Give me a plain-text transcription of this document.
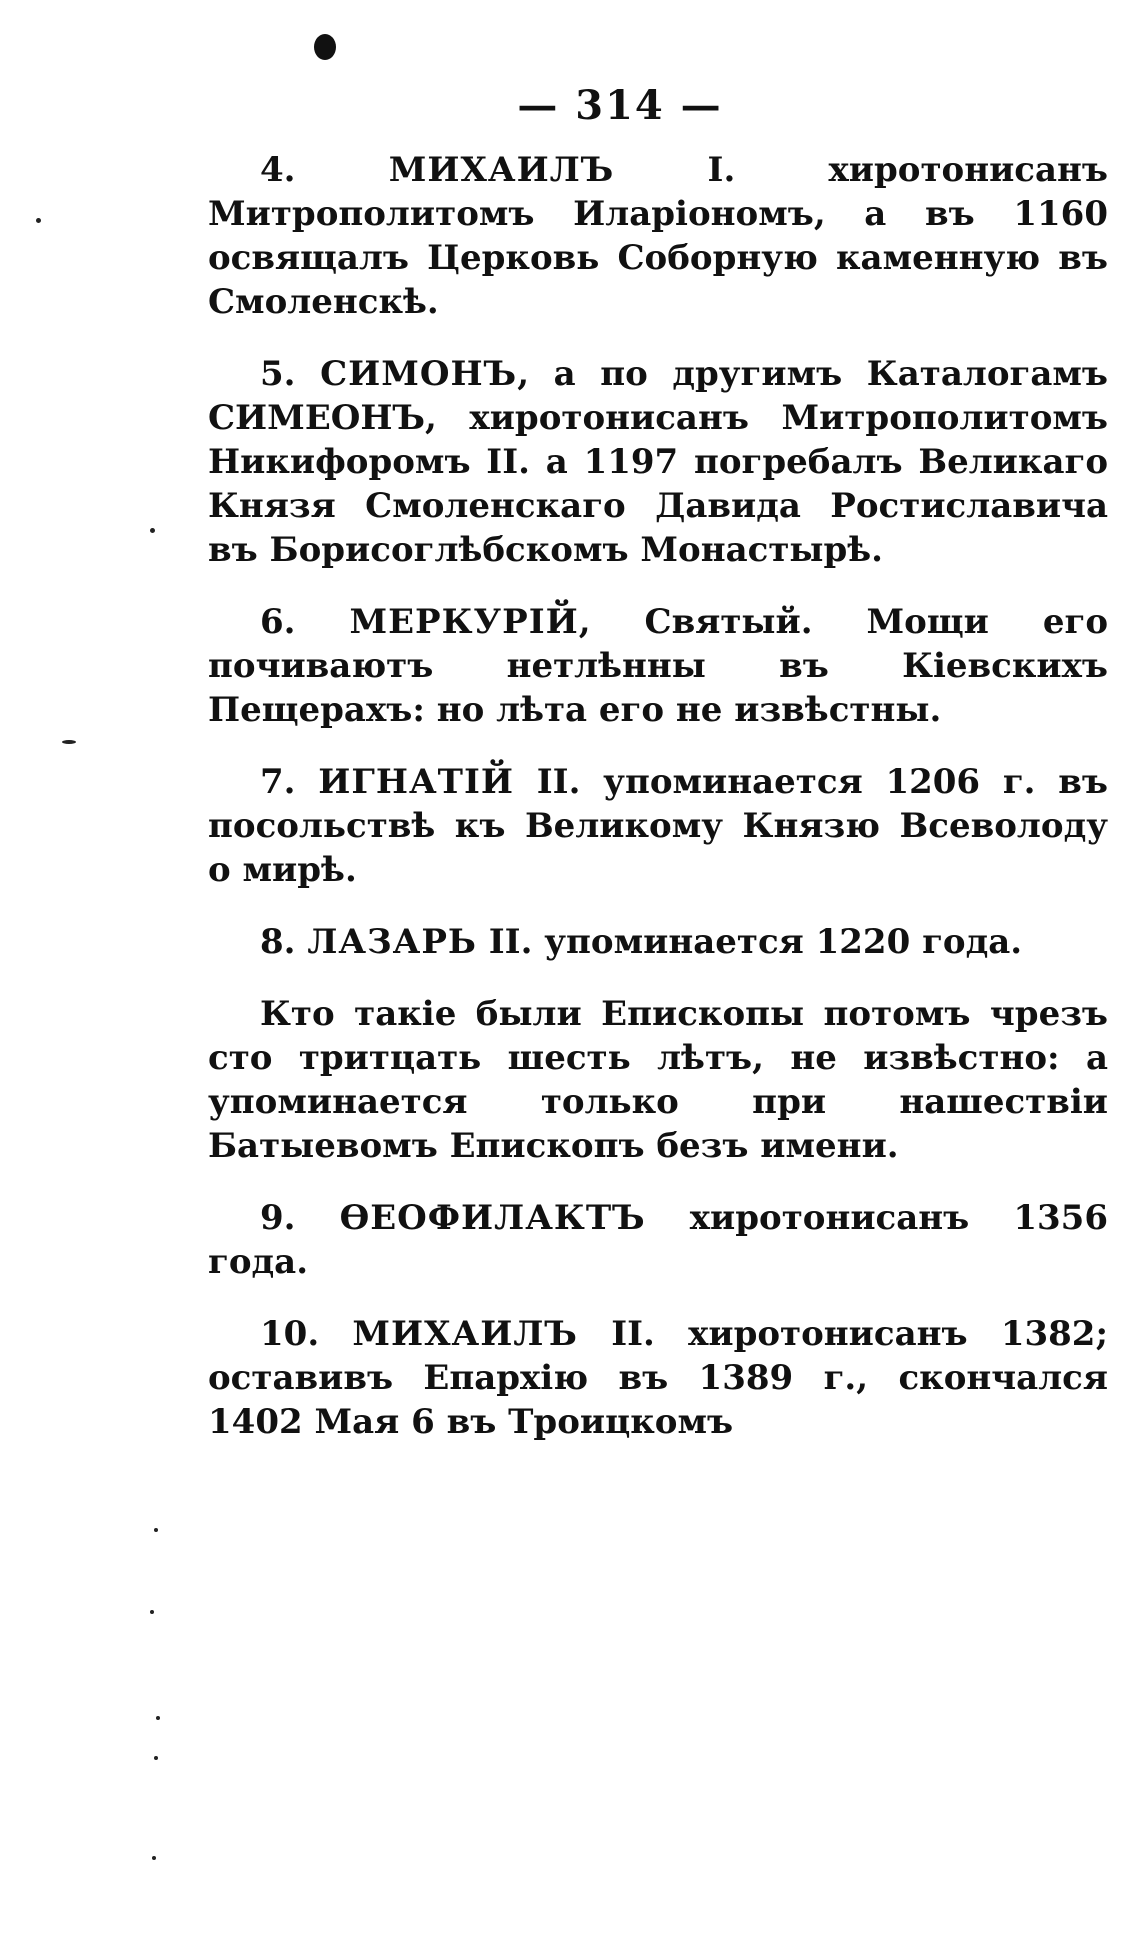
— 314 —

4.	МИХАИЛЪ I. хиротонисанъ Митрополитомъ Иларіономъ, а въ 1160 освящалъ Церковь Соборную каменную въ Смоленскѣ.

5. СИМОНЪ, а по другимъ Каталогамъ СИМЕОНЪ, хиротонисанъ Митрополитомъ Никифоромъ II. а 1197 погребалъ Великаго Князя Смоленскаго Давида Ростиславича въ Борисоглѣбскомъ Монастырѣ.

6. МЕРКУРІЙ, Святый. Мощи его почиваютъ нетлѣнны въ Кіевскихъ Пещерахъ: но лѣта его не извѣстны.

7. ИГНАТІЙ II. упоминается 1206 г. въ посольствѣ къ Великому Князю Всеволоду о мирѣ.

8. ЛАЗАРЬ II. упоминается 1220 года.

Кто такіе были Епископы потомъ чрезъ сто тритцать шесть лѣтъ, не извѣстно: а упоминается только при нашествіи Батыевомъ Епископъ безъ имени.

9. ѲЕОФИЛАКТЪ хиротонисанъ 1356 года.

10. МИХАИЛЪ II. хиротонисанъ 1382; оставивъ Епархію въ 1389 г., скончался 1402 Мая 6 въ Троицкомъ
